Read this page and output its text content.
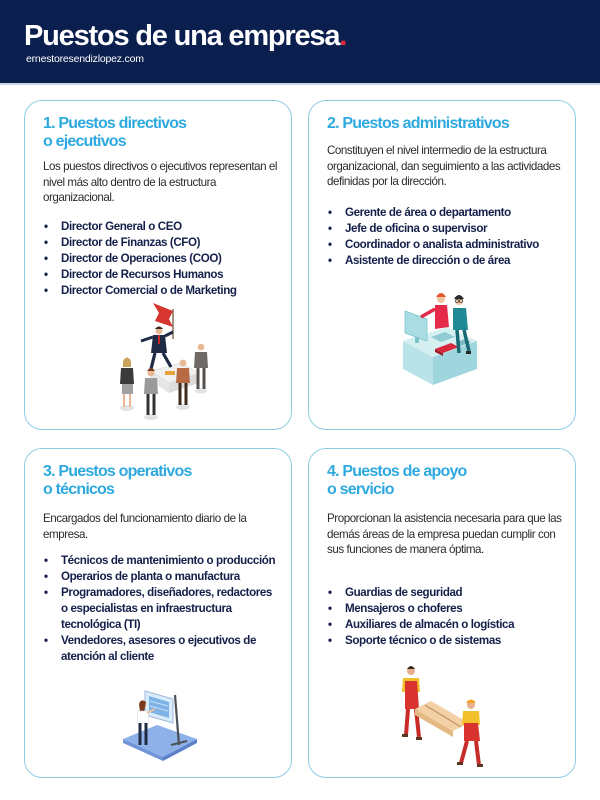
Puestos de una empresa.
ernestoresendizlopez.com
1. Puestos directivos
o ejecutivos
Los puestos directivos o ejecutivos representan el nivel más alto dentro de la estructura organizacional.
• Director General o CEO
• Director de Finanzas (CFO)
• Director de Operaciones (COO)
• Director de Recursos Humanos
• Director Comercial o de Marketing
2. Puestos administrativos
Constituyen el nivel intermedio de la estructura organizacional, dan seguimiento a las actividades definidas por la dirección.
• Gerente de área o departamento
• Jefe de oficina o supervisor
• Coordinador o analista administrativo
• Asistente de dirección o de área
3. Puestos operativos
o técnicos
Encargados del funcionamiento diario de la empresa.
• Técnicos de mantenimiento o producción
• Operarios de planta o manufactura
• Programadores, diseñadores, redactores o especialistas en infraestructura tecnológica (TI)
• Vendedores, asesores o ejecutivos de atención al cliente
4. Puestos de apoyo
o servicio
Proporcionan la asistencia necesaria para que las demás áreas de la empresa puedan cumplir con sus funciones de manera óptima.
• Guardias de seguridad
• Mensajeros o choferes
• Auxiliares de almacén o logística
• Soporte técnico o de sistemas
